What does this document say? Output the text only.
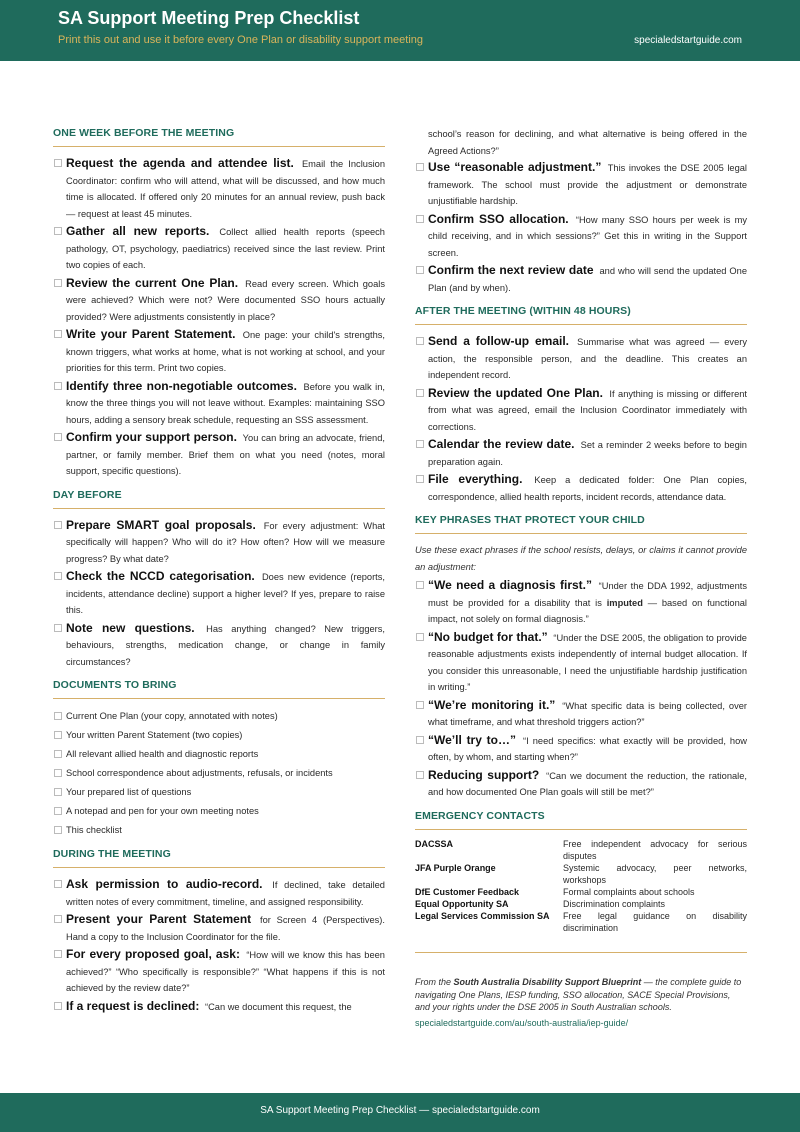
SA Support Meeting Prep Checklist
Print this out and use it before every One Plan or disability support meeting	specialedstartguide.com
ONE WEEK BEFORE THE MEETING
Request the agenda and attendee list. Email the Inclusion Coordinator: confirm who will attend, what will be discussed, and how much time is allocated. If offered only 20 minutes for an annual review, push back — request at least 45 minutes.
Gather all new reports. Collect allied health reports (speech pathology, OT, psychology, paediatrics) received since the last review. Print two copies of each.
Review the current One Plan. Read every screen. Which goals were achieved? Which were not? Were documented SSO hours actually provided? Were adjustments consistently in place?
Write your Parent Statement. One page: your child's strengths, known triggers, what works at home, what is not working at school, and your priorities for this term. Print two copies.
Identify three non-negotiable outcomes. Before you walk in, know the three things you will not leave without. Examples: maintaining SSO hours, adding a sensory break schedule, requesting an SSS assessment.
Confirm your support person. You can bring an advocate, friend, partner, or family member. Brief them on what you need (notes, moral support, specific questions).
DAY BEFORE
Prepare SMART goal proposals. For every adjustment: What specifically will happen? Who will do it? How often? How will we measure progress? By what date?
Check the NCCD categorisation. Does new evidence (reports, incidents, attendance decline) support a higher level? If yes, prepare to raise this.
Note new questions. Has anything changed? New triggers, behaviours, strengths, medication change, or change in family circumstances?
DOCUMENTS TO BRING
Current One Plan (your copy, annotated with notes)
Your written Parent Statement (two copies)
All relevant allied health and diagnostic reports
School correspondence about adjustments, refusals, or incidents
Your prepared list of questions
A notepad and pen for your own meeting notes
This checklist
DURING THE MEETING
Ask permission to audio-record. If declined, take detailed written notes of every commitment, timeline, and assigned responsibility.
Present your Parent Statement for Screen 4 (Perspectives). Hand a copy to the Inclusion Coordinator for the file.
For every proposed goal, ask: “How will we know this has been achieved?” “Who specifically is responsible?” “What happens if this is not achieved by the review date?”
If a request is declined: “Can we document this request, the
school’s reason for declining, and what alternative is being offered in the Agreed Actions?”
Use “reasonable adjustment.” This invokes the DSE 2005 legal framework. The school must provide the adjustment or demonstrate unjustifiable hardship.
Confirm SSO allocation. “How many SSO hours per week is my child receiving, and in which sessions?” Get this in writing in the Support screen.
Confirm the next review date and who will send the updated One Plan (and by when).
AFTER THE MEETING (WITHIN 48 HOURS)
Send a follow-up email. Summarise what was agreed — every action, the responsible person, and the deadline. This creates an independent record.
Review the updated One Plan. If anything is missing or different from what was agreed, email the Inclusion Coordinator immediately with corrections.
Calendar the review date. Set a reminder 2 weeks before to begin preparation again.
File everything. Keep a dedicated folder: One Plan copies, correspondence, allied health reports, incident records, attendance data.
KEY PHRASES THAT PROTECT YOUR CHILD
Use these exact phrases if the school resists, delays, or claims it cannot provide an adjustment:
“We need a diagnosis first.” “Under the DDA 1992, adjustments must be provided for a disability that is imputed — based on functional impact, not solely on formal diagnosis.”
“No budget for that.” “Under the DSE 2005, the obligation to provide reasonable adjustments exists independently of internal budget allocation. If you consider this unreasonable, I need the unjustifiable hardship justification in writing.”
“We’re monitoring it.” “What specific data is being collected, over what timeframe, and what threshold triggers action?”
“We’ll try to…” “I need specifics: what exactly will be provided, how often, by whom, and starting when?”
Reducing support? “Can we document the reduction, the rationale, and how documented One Plan goals will still be met?”
EMERGENCY CONTACTS
DACSSA	Free independent advocacy for serious disputes
JFA Purple Orange	Systemic advocacy, peer networks, workshops
DfE Customer Feedback	Formal complaints about schools
Equal Opportunity SA	Discrimination complaints
Legal Services Commission SA	Free legal guidance on disability discrimination
From the South Australia Disability Support Blueprint — the complete guide to navigating One Plans, IESP funding, SSO allocation, SACE Special Provisions, and your rights under the DSE 2005 in South Australian schools.
specialedstartguide.com/au/south-australia/iep-guide/
SA Support Meeting Prep Checklist — specialedstartguide.com
